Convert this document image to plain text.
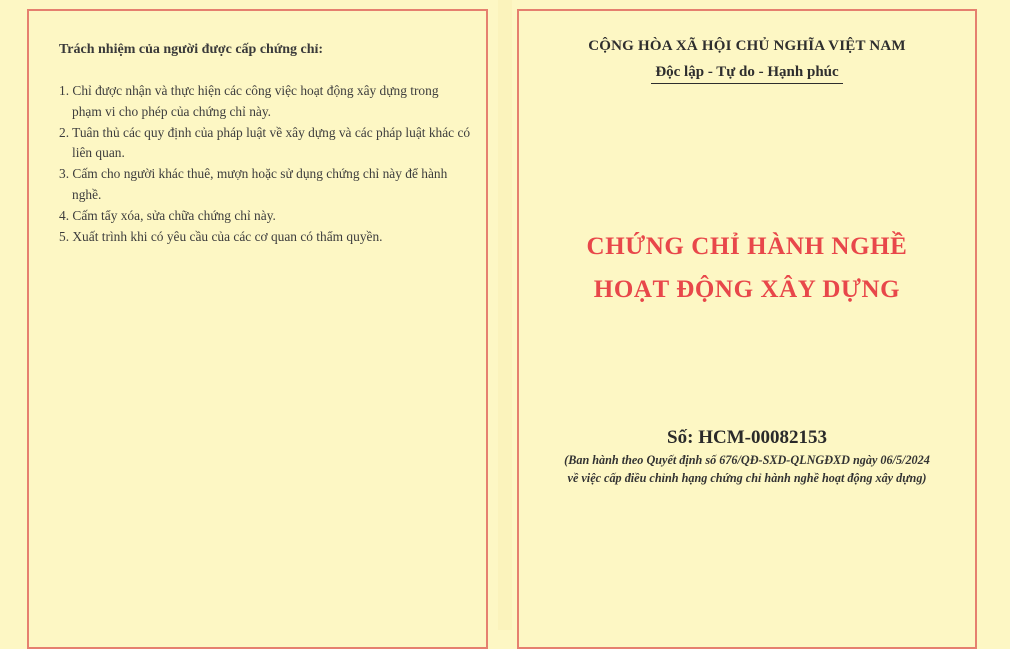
Trách nhiệm của người được cấp chứng chỉ:
1. Chỉ được nhận và thực hiện các công việc hoạt động xây dựng trong phạm vi cho phép của chứng chỉ này.
2. Tuân thủ các quy định của pháp luật về xây dựng và các pháp luật khác có liên quan.
3. Cấm cho người khác thuê, mượn hoặc sử dụng chứng chỉ này để hành nghề.
4. Cấm tẩy xóa, sửa chữa chứng chỉ này.
5. Xuất trình khi có yêu cầu của các cơ quan có thẩm quyền.
CỘNG HÒA XÃ HỘI CHỦ NGHĨA VIỆT NAM
Độc lập - Tự do - Hạnh phúc
CHỨNG CHỈ HÀNH NGHỀ
HOẠT ĐỘNG XÂY DỰNG
Số: HCM-00082153
(Ban hành theo Quyết định số 676/QĐ-SXD-QLNGĐXD ngày 06/5/2024
về việc cấp điều chỉnh hạng chứng chỉ hành nghề hoạt động xây dựng)
